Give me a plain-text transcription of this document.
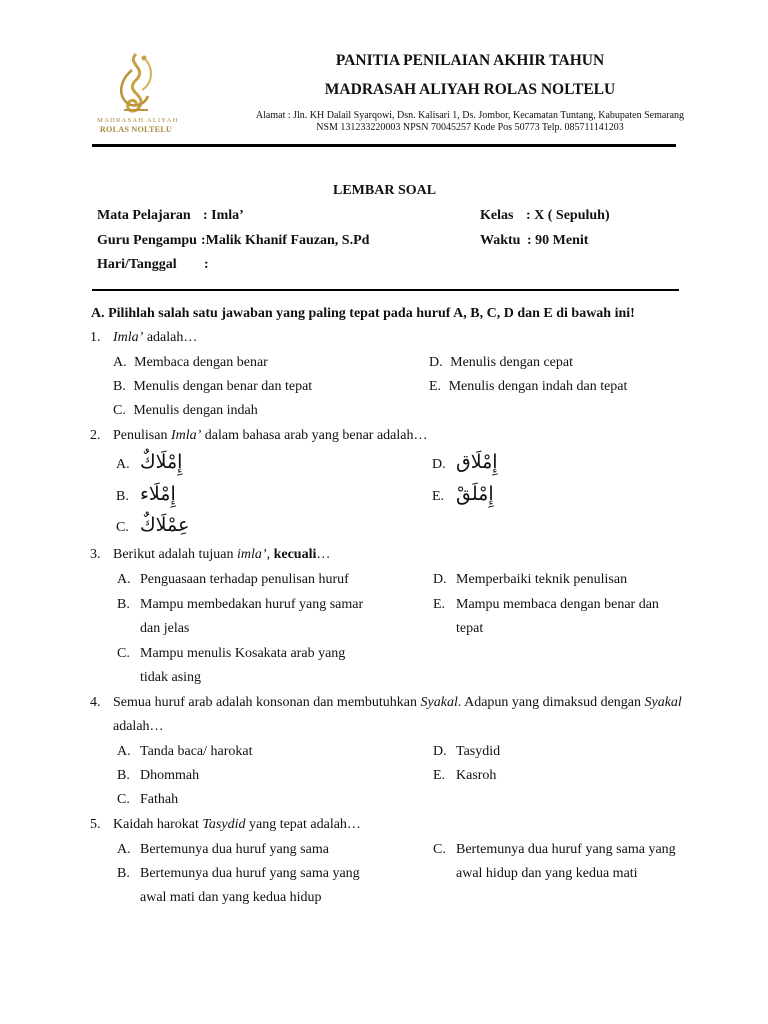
MADRASAH ALIYAH
ROLAS NOLTELU
PANITIA PENILAIAN AKHIR TAHUN
MADRASAH ALIYAH ROLAS NOLTELU
Alamat : Jln. KH Dalail Syarqowi, Dsn. Kalisari 1, Ds. Jombor, Kecamatan Tuntang, Kabupaten Semarang
NSM 131233220003 NPSN 70045257 Kode Pos 50773 Telp. 085711141203
LEMBAR SOAL
Mata Pelajaran : Imla’
Guru Pengampu :Malik Khanif Fauzan, S.Pd
Hari/Tanggal :
Kelas : X ( Sepuluh)
Waktu : 90 Menit
A. Pilihlah salah satu jawaban yang paling tepat pada huruf A, B, C, D dan E di bawah ini!
1. Imla’ adalah…
A. Membaca dengan benar
B. Menulis dengan benar dan tepat
C. Menulis dengan indah
D. Menulis dengan cepat
E. Menulis dengan indah dan tepat
2. Penulisan Imla’ dalam bahasa arab yang benar adalah…
A. إِمْلَاكٌ
B. إِمْلَاء
C. عِمْلَاكٌ
D. إِمْلَاق
E. إِمْلَقْ
3. Berikut adalah tujuan imla’, kecuali…
A. Penguasaan terhadap penulisan huruf
B. Mampu membedakan huruf yang samar
dan jelas
C. Mampu menulis Kosakata arab yang
tidak asing
D. Memperbaiki teknik penulisan
E. Mampu membaca dengan benar dan
tepat
4. Semua huruf arab adalah konsonan dan membutuhkan Syakal. Adapun yang dimaksud dengan Syakal
adalah…
A. Tanda baca/ harokat
B. Dhommah
C. Fathah
D. Tasydid
E. Kasroh
5. Kaidah harokat Tasydid yang tepat adalah…
A. Bertemunya dua huruf yang sama
B. Bertemunya dua huruf yang sama yang
awal mati dan yang kedua hidup
C. Bertemunya dua huruf yang sama yang
awal hidup dan yang kedua mati
